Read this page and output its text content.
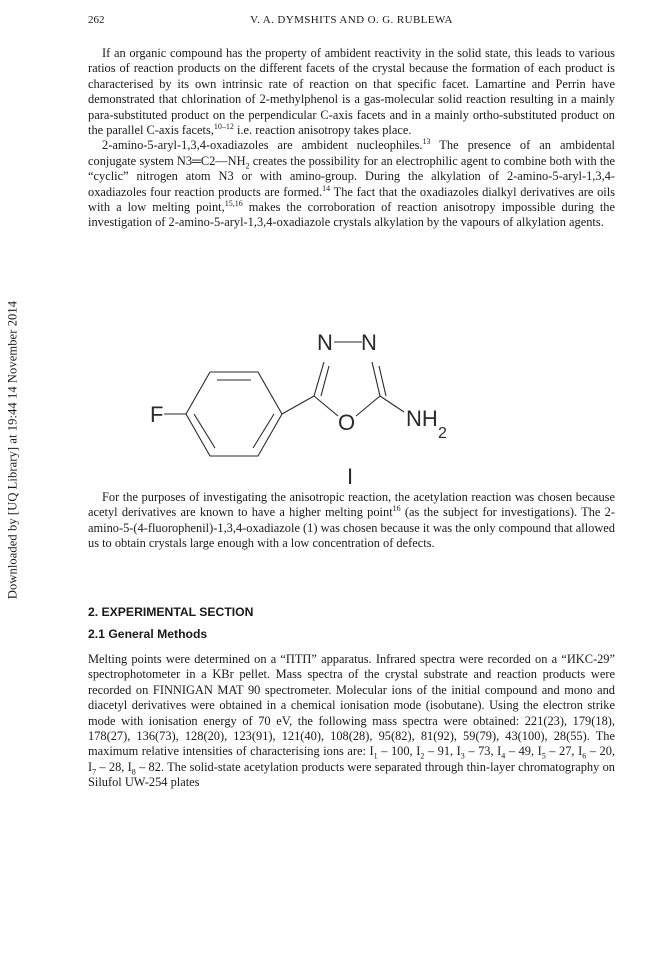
Downloaded by [UQ Library] at 19:44 14 November 2014
262	V. A. DYMSHITS AND O. G. RUBLEWA

If an organic compound has the property of ambident reactivity in the solid state, this leads to various ratios of reaction products on the different facets of the crystal because the formation of each product is characterised by its own intrinsic rate of reaction on that specific facet. Lamartine and Perrin have demonstrated that chlorination of 2-methylphenol is a gas-molecular solid reaction resulting in a mainly para-substituted product on the perpendicular C-axis facets and in a mainly ortho-substituted product on the parallel C-axis facets,$^{10-12}$ i.e. reaction anisotropy takes place.

2-amino-5-aryl-1,3,4-oxadiazoles are ambident nucleophiles.$^{13}$ The presence of an ambidental conjugate system $N3═C2—NH_2$ creates the possibility for an electrophilic agent to combine both with the “cyclic” nitrogen atom N3 or with amino-group. During the alkylation of 2-amino-5-aryl-1,3,4-oxadiazoles four reaction products are formed.$^{14}$ The fact that the oxadiazoles dialkyl derivatives are oils with a low melting point,$^{15,16}$ makes the corroboration of reaction anisotropy impossible during the investigation of 2-amino-5-aryl-1,3,4-oxadiazole crystals alkylation by the vapours of alkylation agents.

N N
F	O NH
2
I

For the purposes of investigating the anisotropic reaction, the acetylation reaction was chosen because acetyl derivatives are known to have a higher melting point$^{16}$ (as the subject for investigations). The 2-amino-5-(4-fluorophenil)-1,3,4-oxadiazole (1) was chosen because it was the only compound that allowed us to obtain crystals large enough with a low concentration of defects.

2. EXPERIMENTAL SECTION
2.1 General Methods

Melting points were determined on a “ПТП” apparatus. Infrared spectra were recorded on a “ИKC-29” spectrophotometer in a KBr pellet. Mass spectra of the crystal substrate and reaction products were recorded on FINNIGAN MAT 90 spectrometer. Molecular ions of the initial compound and mono and diacetyl derivatives were obtained in a chemical ionisation mode (isobutane). Using the electron strike mode with ionisation energy of 70 eV, the following mass spectra were obtained: 221(23), 179(18), 178(27), 136(73), 128(20), 123(91), 121(40), 108(28), 95(82), 81(92), 59(79), 43(100), 28(55). The maximum relative intensities of characterising ions are: $I_1 - 100$, $I_2 - 91$, $I_3 - 73$, $I_4 - 49$, $I_5 - 27$, $I_6 - 20$, $I_7 - 28$, $I_8 - 82$. The solid-state acetylation products were separated through thin-layer chromatography on Silufol UW-254 plates
